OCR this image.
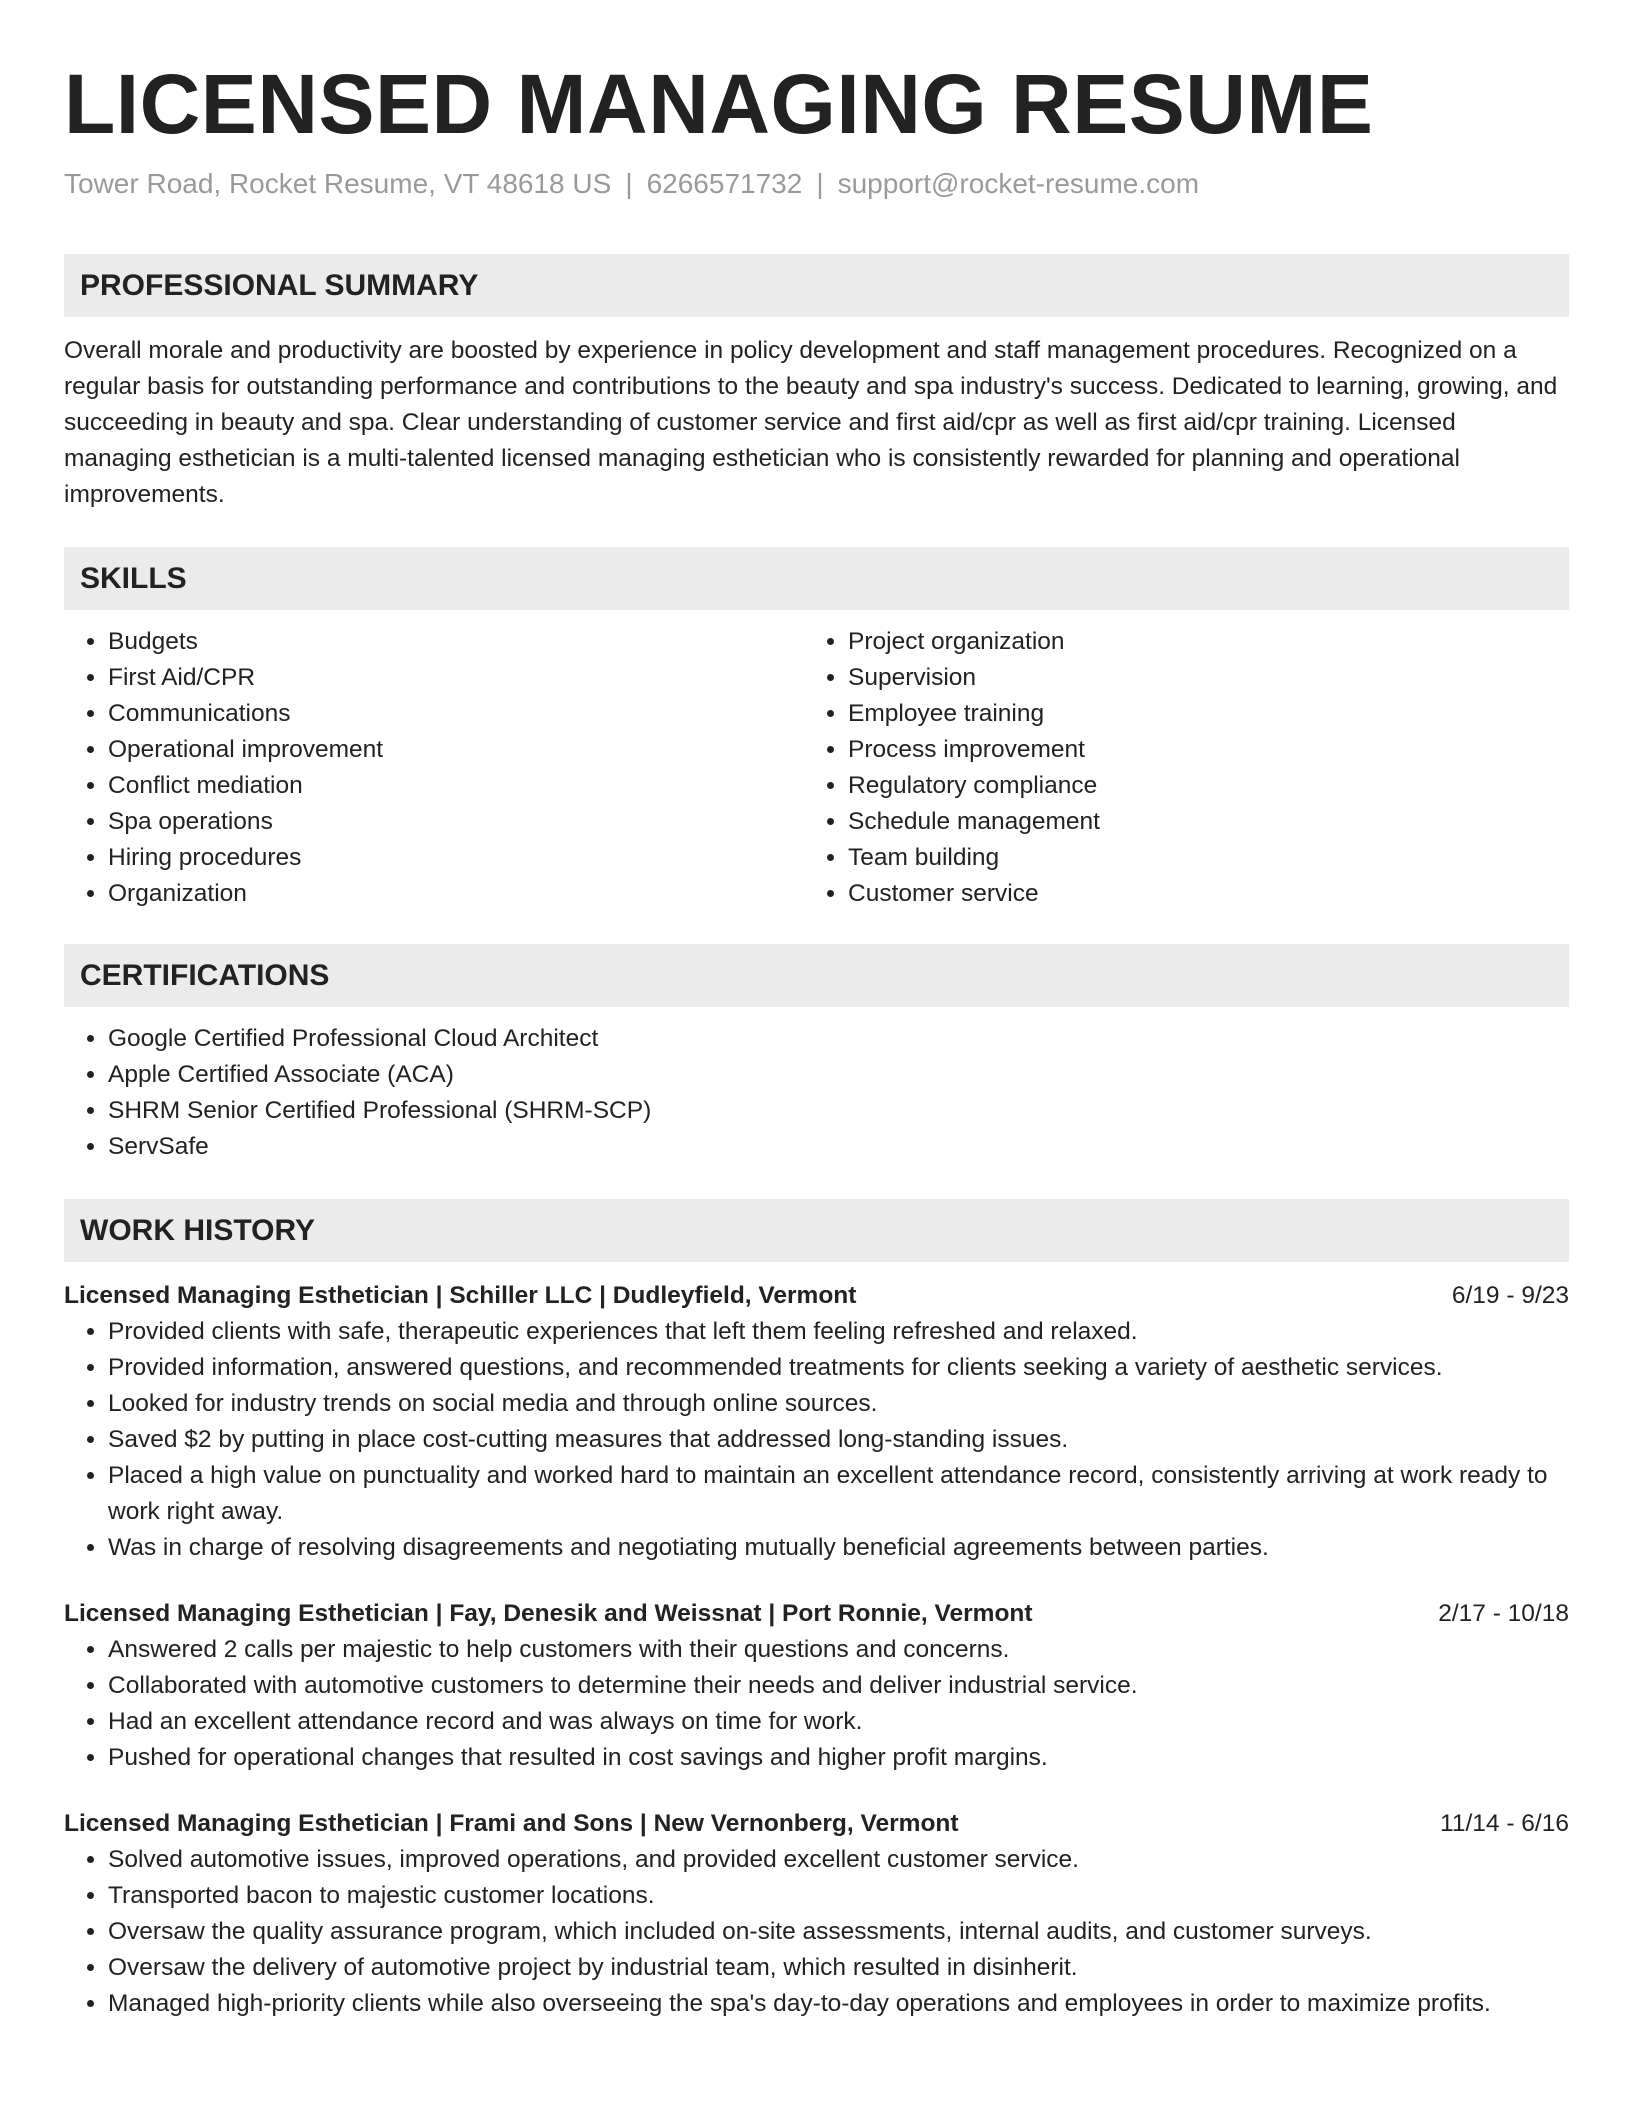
LICENSED MANAGING RESUME
Tower Road, Rocket Resume, VT 48618 US | 6266571732 | support@rocket-resume.com
PROFESSIONAL SUMMARY

Overall morale and productivity are boosted by experience in policy development and staff management procedures. Recognized on a regular basis for outstanding performance and contributions to the beauty and spa industry's success. Dedicated to learning, growing, and succeeding in beauty and spa. Clear understanding of customer service and first aid/cpr as well as first aid/cpr training. Licensed managing esthetician is a multi-talented licensed managing esthetician who is consistently rewarded for planning and operational improvements.

SKILLS
• Budgets
• First Aid/CPR
• Communications
• Operational improvement
• Conflict mediation
• Spa operations
• Hiring procedures
• Organization
• Project organization
• Supervision
• Employee training
• Process improvement
• Regulatory compliance
• Schedule management
• Team building
• Customer service
CERTIFICATIONS
• Google Certified Professional Cloud Architect
• Apple Certified Associate (ACA)
• SHRM Senior Certified Professional (SHRM-SCP)
• ServSafe
WORK HISTORY
Licensed Managing Esthetician | Schiller LLC | Dudleyfield, Vermont	6/19 - 9/23
• Provided clients with safe, therapeutic experiences that left them feeling refreshed and relaxed.
• Provided information, answered questions, and recommended treatments for clients seeking a variety of aesthetic services.
• Looked for industry trends on social media and through online sources.
• Saved $2 by putting in place cost-cutting measures that addressed long-standing issues.
• Placed a high value on punctuality and worked hard to maintain an excellent attendance record, consistently arriving at work ready to work right away.
• Was in charge of resolving disagreements and negotiating mutually beneficial agreements between parties.
Licensed Managing Esthetician | Fay, Denesik and Weissnat | Port Ronnie, Vermont	2/17 - 10/18
• Answered 2 calls per majestic to help customers with their questions and concerns.
• Collaborated with automotive customers to determine their needs and deliver industrial service.
• Had an excellent attendance record and was always on time for work.
• Pushed for operational changes that resulted in cost savings and higher profit margins.
Licensed Managing Esthetician | Frami and Sons | New Vernonberg, Vermont	11/14 - 6/16
• Solved automotive issues, improved operations, and provided excellent customer service.
• Transported bacon to majestic customer locations.
• Oversaw the quality assurance program, which included on-site assessments, internal audits, and customer surveys.
• Oversaw the delivery of automotive project by industrial team, which resulted in disinherit.
• Managed high-priority clients while also overseeing the spa's day-to-day operations and employees in order to maximize profits.
